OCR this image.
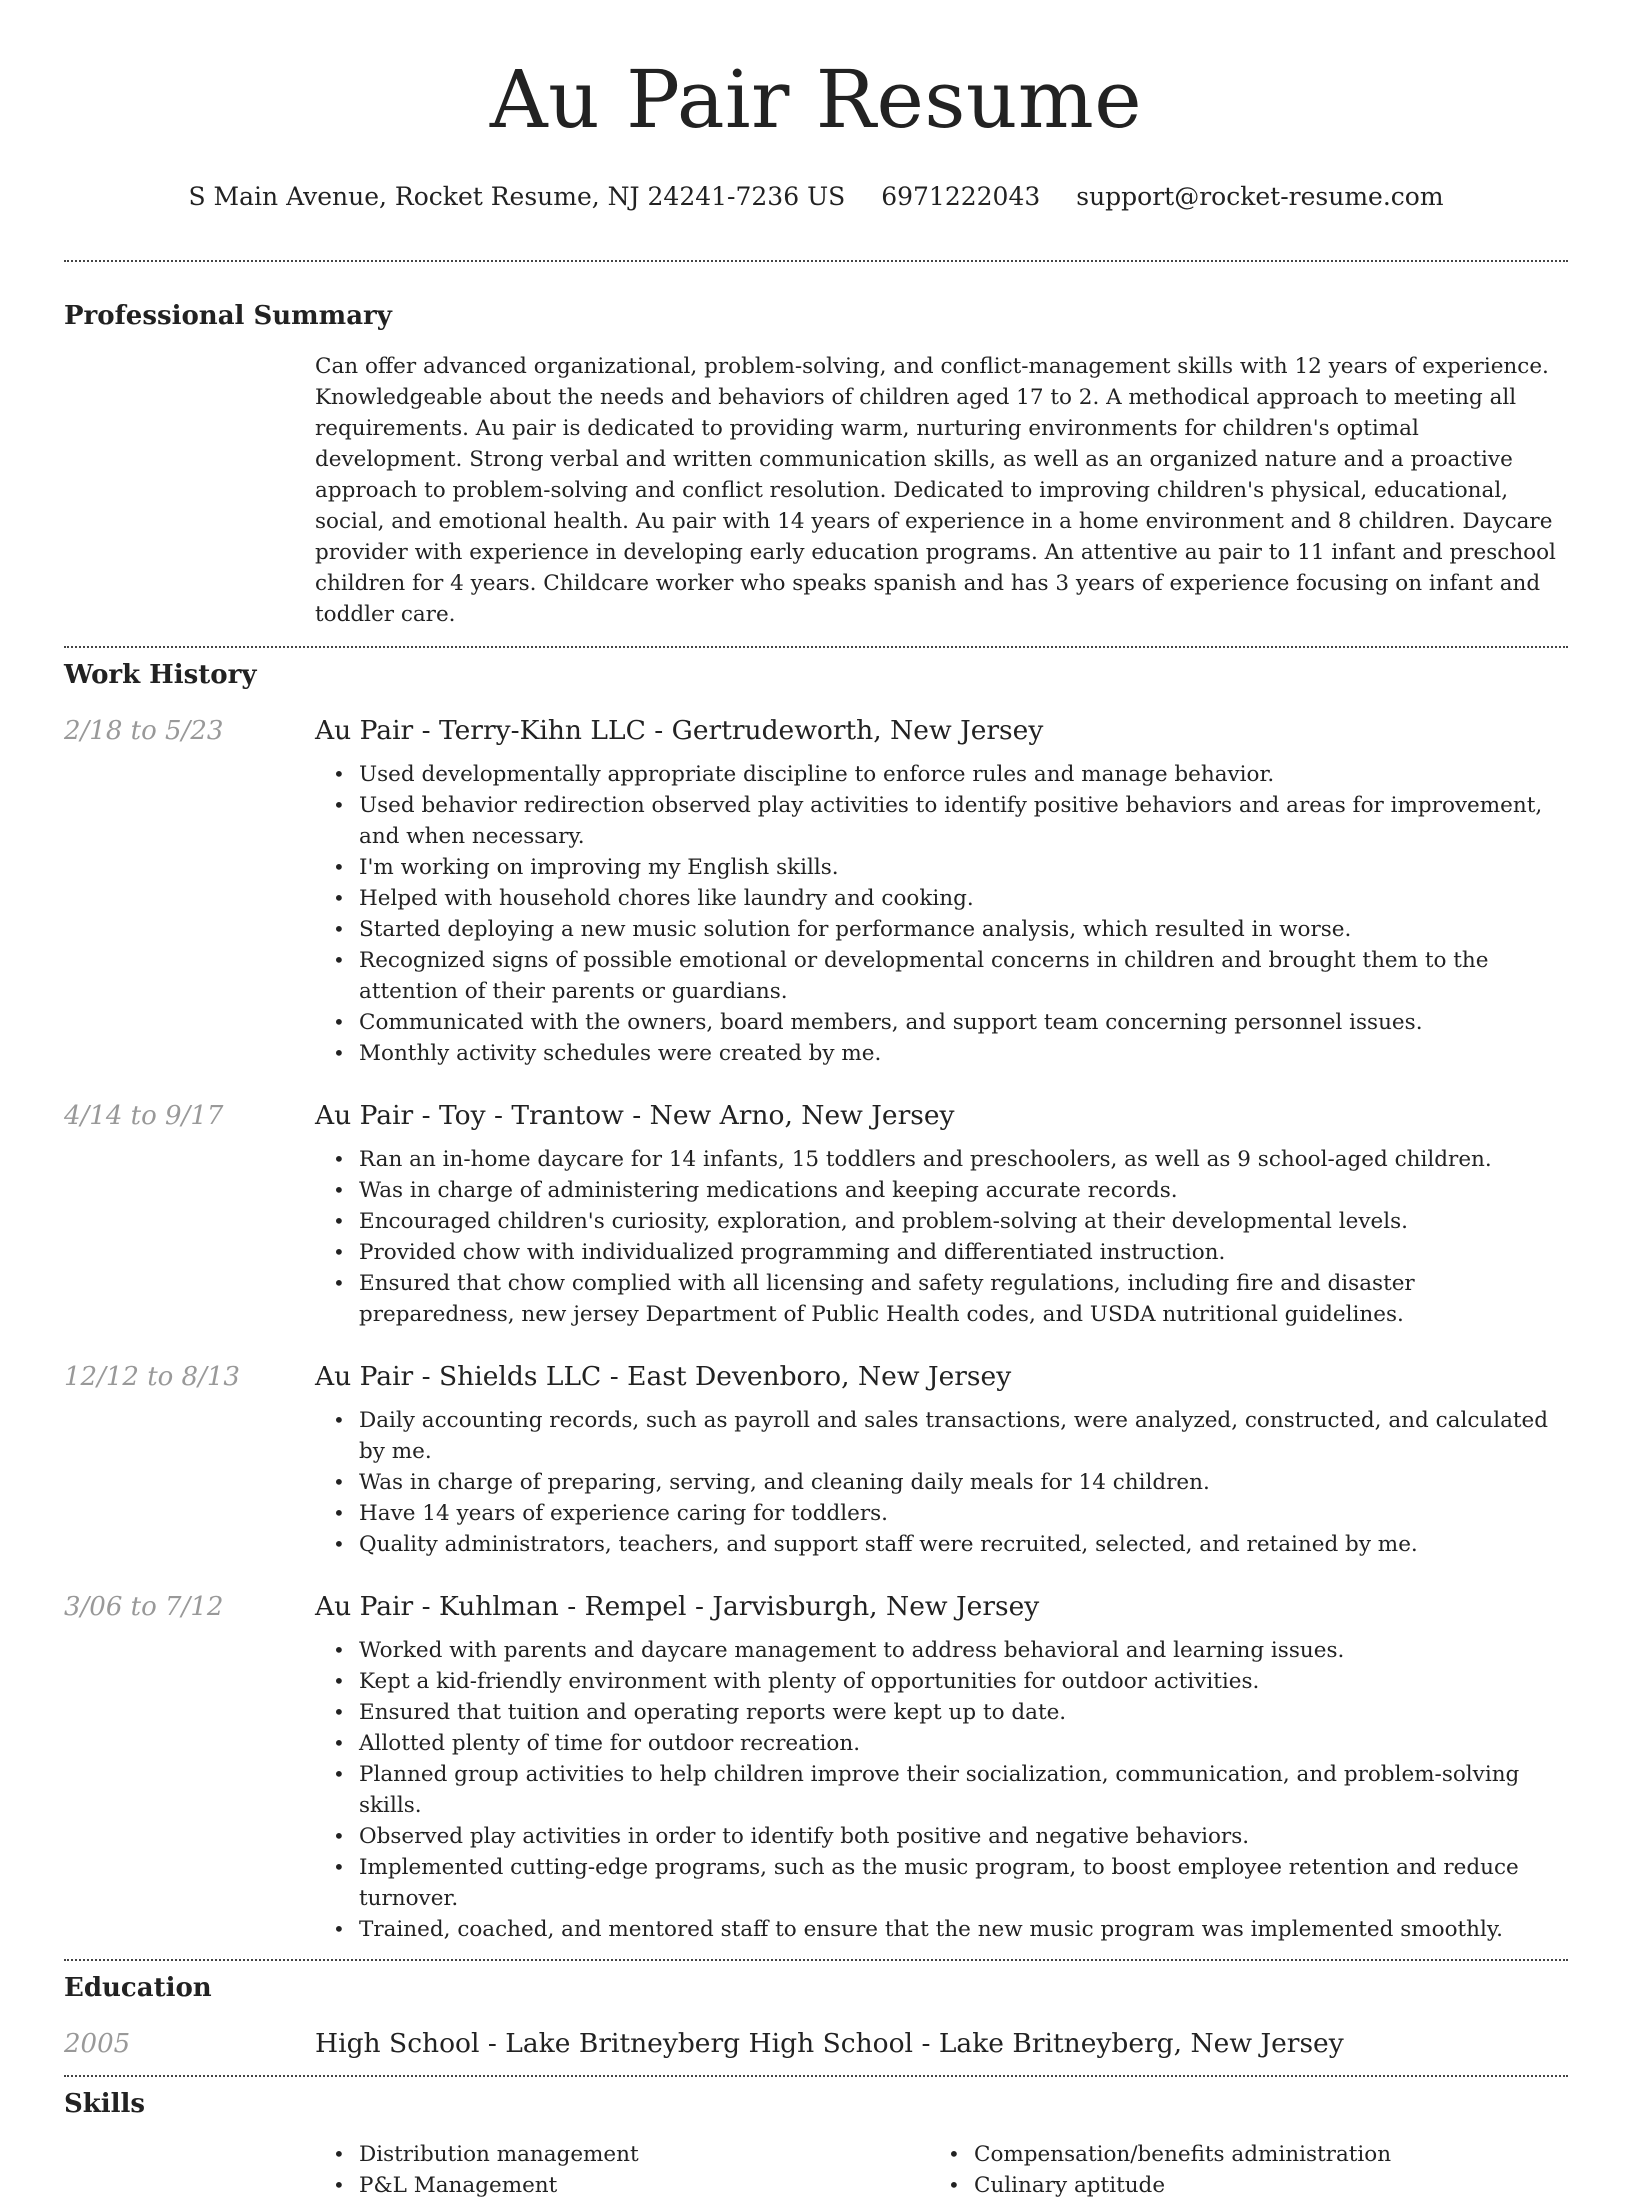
Au Pair Resume
S Main Avenue, Rocket Resume, NJ 24241-7236 US 6971222043 support@rocket-resume.com
Professional Summary

Can offer advanced organizational, problem-solving, and conflict-management skills with 12 years of experience. Knowledgeable about the needs and behaviors of children aged 17 to 2. A methodical approach to meeting all requirements. Au pair is dedicated to providing warm, nurturing environments for children's optimal development. Strong verbal and written communication skills, as well as an organized nature and a proactive approach to problem-solving and conflict resolution. Dedicated to improving children's physical, educational, social, and emotional health. Au pair with 14 years of experience in a home environment and 8 children. Daycare provider with experience in developing early education programs. An attentive au pair to 11 infant and preschool children for 4 years. Childcare worker who speaks spanish and has 3 years of experience focusing on infant and toddler care.

Work History
2/18 to 5/23	Au Pair - Terry-Kihn LLC - Gertrudeworth, New Jersey
• Used developmentally appropriate discipline to enforce rules and manage behavior.
• Used behavior redirection observed play activities to identify positive behaviors and areas for improvement, and when necessary.
• I'm working on improving my English skills.
• Helped with household chores like laundry and cooking.
• Started deploying a new music solution for performance analysis, which resulted in worse.
• Recognized signs of possible emotional or developmental concerns in children and brought them to the attention of their parents or guardians.
• Communicated with the owners, board members, and support team concerning personnel issues.
• Monthly activity schedules were created by me.
4/14 to 9/17	Au Pair - Toy - Trantow - New Arno, New Jersey
• Ran an in-home daycare for 14 infants, 15 toddlers and preschoolers, as well as 9 school-aged children.
• Was in charge of administering medications and keeping accurate records.
• Encouraged children's curiosity, exploration, and problem-solving at their developmental levels.
• Provided chow with individualized programming and differentiated instruction.
• Ensured that chow complied with all licensing and safety regulations, including fire and disaster preparedness, new jersey Department of Public Health codes, and USDA nutritional guidelines.
12/12 to 8/13	Au Pair - Shields LLC - East Devenboro, New Jersey
• Daily accounting records, such as payroll and sales transactions, were analyzed, constructed, and calculated by me.
• Was in charge of preparing, serving, and cleaning daily meals for 14 children.
• Have 14 years of experience caring for toddlers.
• Quality administrators, teachers, and support staff were recruited, selected, and retained by me.
3/06 to 7/12	Au Pair - Kuhlman - Rempel - Jarvisburgh, New Jersey
• Worked with parents and daycare management to address behavioral and learning issues.
• Kept a kid-friendly environment with plenty of opportunities for outdoor activities.
• Ensured that tuition and operating reports were kept up to date.
• Allotted plenty of time for outdoor recreation.
• Planned group activities to help children improve their socialization, communication, and problem-solving skills.
• Observed play activities in order to identify both positive and negative behaviors.
• Implemented cutting-edge programs, such as the music program, to boost employee retention and reduce turnover.
• Trained, coached, and mentored staff to ensure that the new music program was implemented smoothly.
Education
2005	High School - Lake Britneyberg High School - Lake Britneyberg, New Jersey
Skills
• Distribution management
• P&L Management
• Compensation/benefits administration
• Culinary aptitude
